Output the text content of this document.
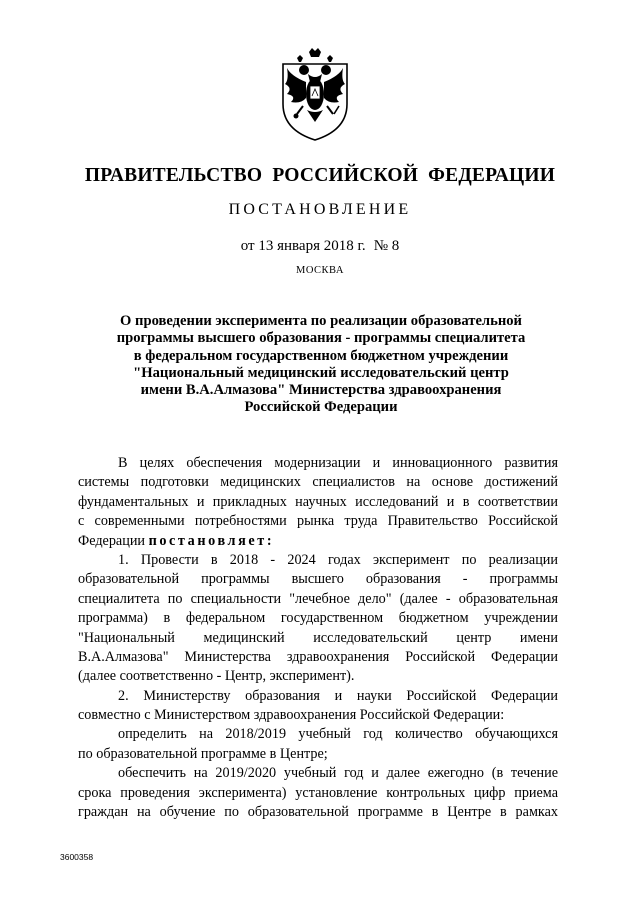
ПРАВИТЕЛЬСТВО РОССИЙСКОЙ ФЕДЕРАЦИИ
ПОСТАНОВЛЕНИЕ
от 13 января 2018 г. № 8
МОСКВА
О проведении эксперимента по реализации образовательной
программы высшего образования - программы специалитета
в федеральном государственном бюджетном учреждении
"Национальный медицинский исследовательский центр
имени В.А.Алмазова" Министерства здравоохранения
Российской Федерации
В целях обеспечения модернизации и инновационного развития
системы подготовки медицинских специалистов на основе достижений
фундаментальных и прикладных научных исследований и в соответствии
с современными потребностями рынка труда Правительство Российской
Федерации постановляет:
1. Провести в 2018 - 2024 годах эксперимент по реализации
образовательной программы высшего образования - программы
специалитета по специальности "лечебное дело" (далее - образовательная
программа) в федеральном государственном бюджетном учреждении
"Национальный медицинский исследовательский центр имени
В.А.Алмазова" Министерства здравоохранения Российской Федерации
(далее соответственно - Центр, эксперимент).
2. Министерству образования и науки Российской Федерации
совместно с Министерством здравоохранения Российской Федерации:
определить на 2018/2019 учебный год количество обучающихся
по образовательной программе в Центре;
обеспечить на 2019/2020 учебный год и далее ежегодно (в течение
срока проведения эксперимента) установление контрольных цифр приема
граждан на обучение по образовательной программе в Центре в рамках
3600358
